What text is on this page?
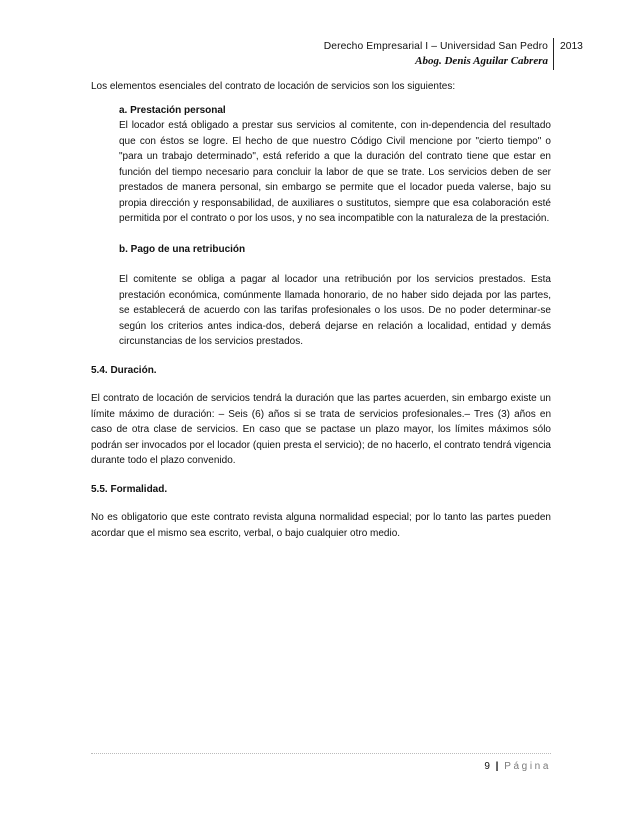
Derecho Empresarial I – Universidad San Pedro
Abog. Denis Aguilar Cabrera
2013

Los elementos esenciales del contrato de locación de servicios son los siguientes:

a. Prestación personal

El locador está obligado a prestar sus servicios al comitente, con in-dependencia del resultado que con éstos se logre. El hecho de que nuestro Código Civil mencione por "cierto tiempo" o "para un trabajo determinado", está referido a que la duración del contrato tiene que estar en función del tiempo necesario para concluir la labor de que se trate. Los servicios deben de ser prestados de manera personal, sin embargo se permite que el locador pueda valerse, bajo su propia dirección y responsabilidad, de auxiliares o sustitutos, siempre que esa colaboración esté permitida por el contrato o por los usos, y no sea incompatible con la naturaleza de la prestación.

b. Pago de una retribución

El comitente se obliga a pagar al locador una retribución por los servicios prestados. Esta prestación económica, comúnmente llamada honorario, de no haber sido dejada por las partes, se establecerá de acuerdo con las tarifas profesionales o los usos. De no poder determinar-se según los criterios antes indica-dos, deberá dejarse en relación a localidad, entidad y demás circunstancias de los servicios prestados.

5.4. Duración.

El contrato de locación de servicios tendrá la duración que las partes acuerden, sin embargo existe un límite máximo de duración: – Seis (6) años si se trata de servicios profesionales.– Tres (3) años en caso de otra clase de servicios. En caso que se pactase un plazo mayor, los límites máximos sólo podrán ser invocados por el locador (quien presta el servicio); de no hacerlo, el contrato tendrá vigencia durante todo el plazo convenido.

5.5. Formalidad.

No es obligatorio que este contrato revista alguna normalidad especial; por lo tanto las partes pueden acordar que el mismo sea escrito, verbal, o bajo cualquier otro medio.

9 | Página
